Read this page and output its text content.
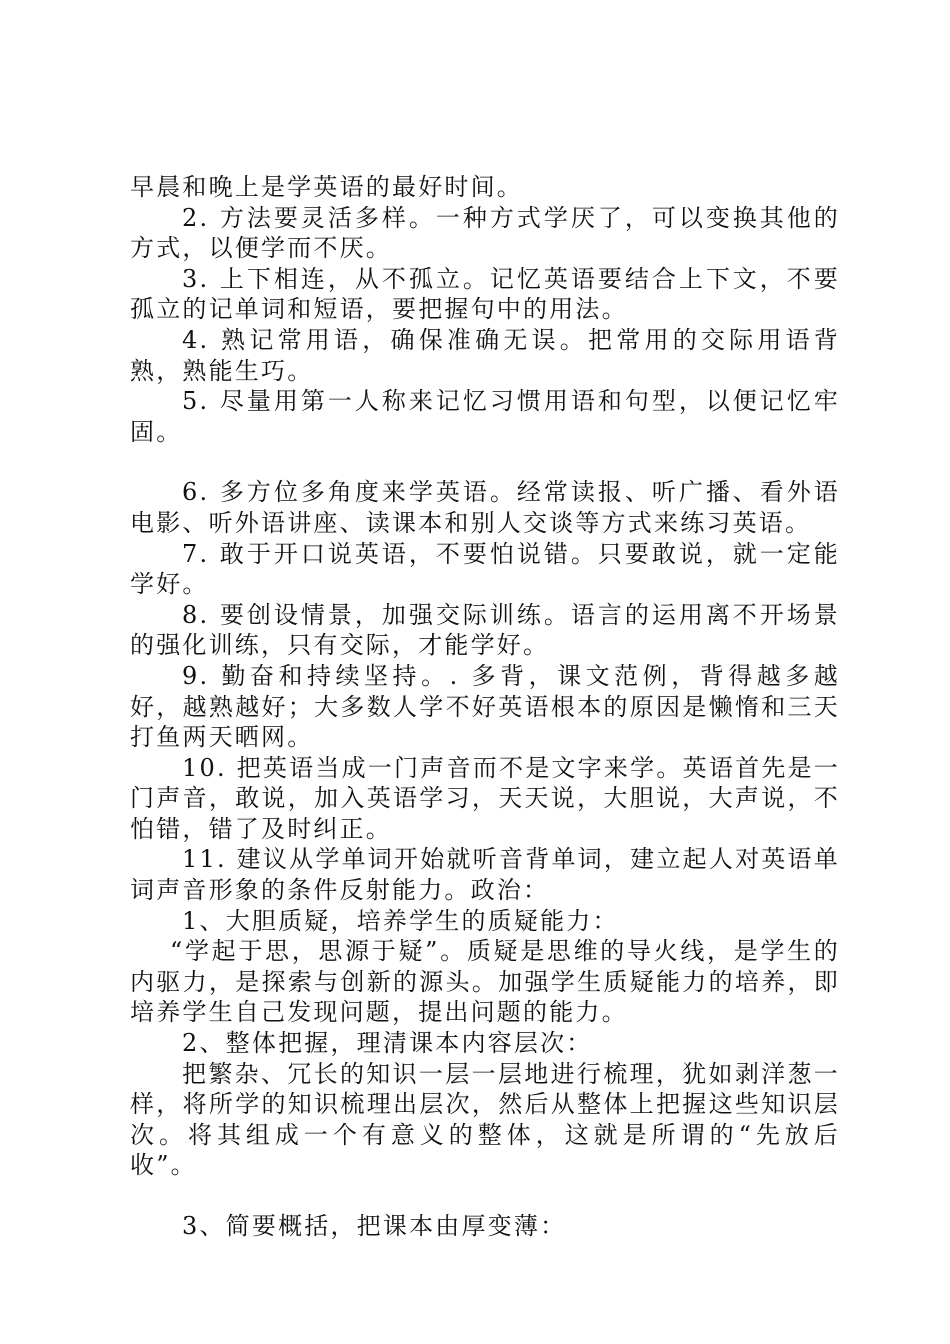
早晨和晚上是学英语的最好时间。

2. 方法要灵活多样。一种方式学厌了，可以变换其他的方式，以便学而不厌。

3. 上下相连，从不孤立。记忆英语要结合上下文，不要孤立的记单词和短语，要把握句中的用法。

4. 熟记常用语，确保准确无误。把常用的交际用语背熟，熟能生巧。

5. 尽量用第一人称来记忆习惯用语和句型，以便记忆牢固。

6. 多方位多角度来学英语。经常读报、听广播、看外语电影、听外语讲座、读课本和别人交谈等方式来练习英语。

7. 敢于开口说英语，不要怕说错。只要敢说，就一定能学好。

8. 要创设情景，加强交际训练。语言的运用离不开场景的强化训练，只有交际，才能学好。

9. 勤奋和持续坚持。. 多背，课文范例，背得越多越好，越熟越好；大多数人学不好英语根本的原因是懒惰和三天打鱼两天晒网。

10. 把英语当成一门声音而不是文字来学。英语首先是一门声音，敢说，加入英语学习，天天说，大胆说，大声说，不怕错，错了及时纠正。

11. 建议从学单词开始就听音背单词，建立起人对英语单词声音形象的条件反射能力。政治：

1、大胆质疑，培养学生的质疑能力：

“学起于思，思源于疑”。质疑是思维的导火线，是学生的内驱力，是探索与创新的源头。加强学生质疑能力的培养，即培养学生自己发现问题，提出问题的能力。

2、整体把握，理清课本内容层次：

把繁杂、冗长的知识一层一层地进行梳理，犹如剥洋葱一样，将所学的知识梳理出层次，然后从整体上把握这些知识层次。将其组成一个有意义的整体，这就是所谓的“先放后收”。

3、简要概括，把课本由厚变薄：
